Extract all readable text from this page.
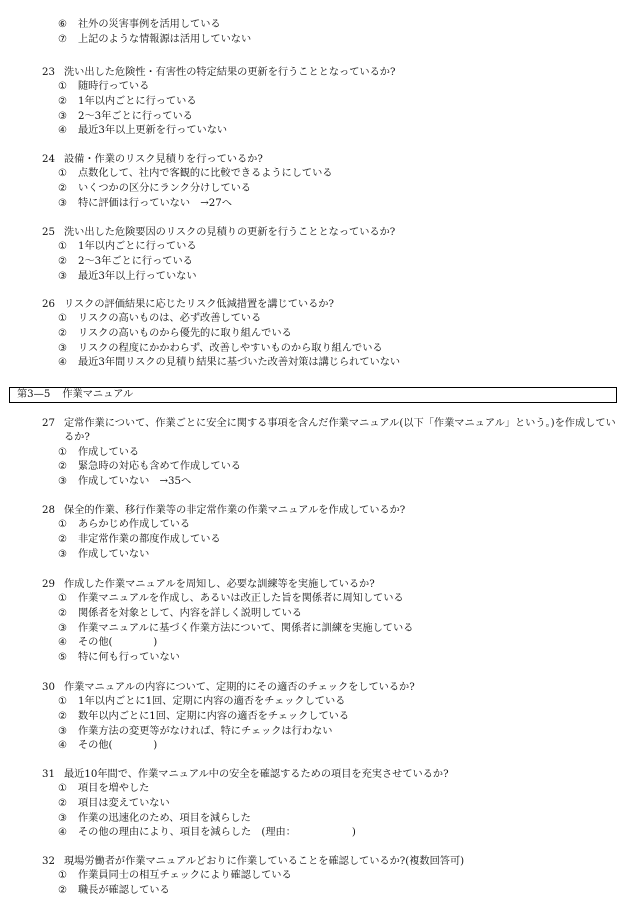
⑥	社外の災害事例を活用している
⑦	上記のような情報源は活用していない
23 洗い出した危険性・有害性の特定結果の更新を行うこととなっているか?
①	随時行っている
②	1年以内ごとに行っている
③	2〜3年ごとに行っている
④	最近3年以上更新を行っていない
24 設備・作業のリスク見積りを行っているか?
①	点数化して、社内で客観的に比較できるようにしている
②	いくつかの区分にランク分けしている
③	特に評価は行っていない　→27へ
25 洗い出した危険要因のリスクの見積りの更新を行うこととなっているか?
①	1年以内ごとに行っている
②	2〜3年ごとに行っている
③	最近3年以上行っていない
26 リスクの評価結果に応じたリスク低減措置を講じているか?
①	リスクの高いものは、必ず改善している
②	リスクの高いものから優先的に取り組んでいる
③	リスクの程度にかかわらず、改善しやすいものから取り組んでいる
④	最近3年間リスクの見積り結果に基づいた改善対策は講じられていない
第3—5 作業マニュアル
27 定常作業について、作業ごとに安全に関する事項を含んだ作業マニュアル(以下「作業マニュアル」という。)を作成しているか?
①	作成している
②	緊急時の対応も含めて作成している
③	作成していない　→35へ
28 保全的作業、移行作業等の非定常作業の作業マニュアルを作成しているか?
①	あらかじめ作成している
②	非定常作業の都度作成している
③	作成していない
29 作成した作業マニュアルを周知し、必要な訓練等を実施しているか?
①	作業マニュアルを作成し、あるいは改正した旨を関係者に周知している
②	関係者を対象として、内容を詳しく説明している
③	作業マニュアルに基づく作業方法について、関係者に訓練を実施している
④	その他(　　　　)
⑤	特に何も行っていない
30 作業マニュアルの内容について、定期的にその適否のチェックをしているか?
①	1年以内ごとに1回、定期に内容の適否をチェックしている
②	数年以内ごとに1回、定期に内容の適否をチェックしている
③	作業方法の変更等がなければ、特にチェックは行わない
④	その他(　　　　)
31 最近10年間で、作業マニュアル中の安全を確認するための項目を充実させているか?
①	項目を増やした
②	項目は変えていない
③	作業の迅速化のため、項目を減らした
④	その他の理由により、項目を減らした　(理由：　　　　　　)
32 現場労働者が作業マニュアルどおりに作業していることを確認しているか?(複数回答可)
①	作業員同士の相互チェックにより確認している
②	職長が確認している
